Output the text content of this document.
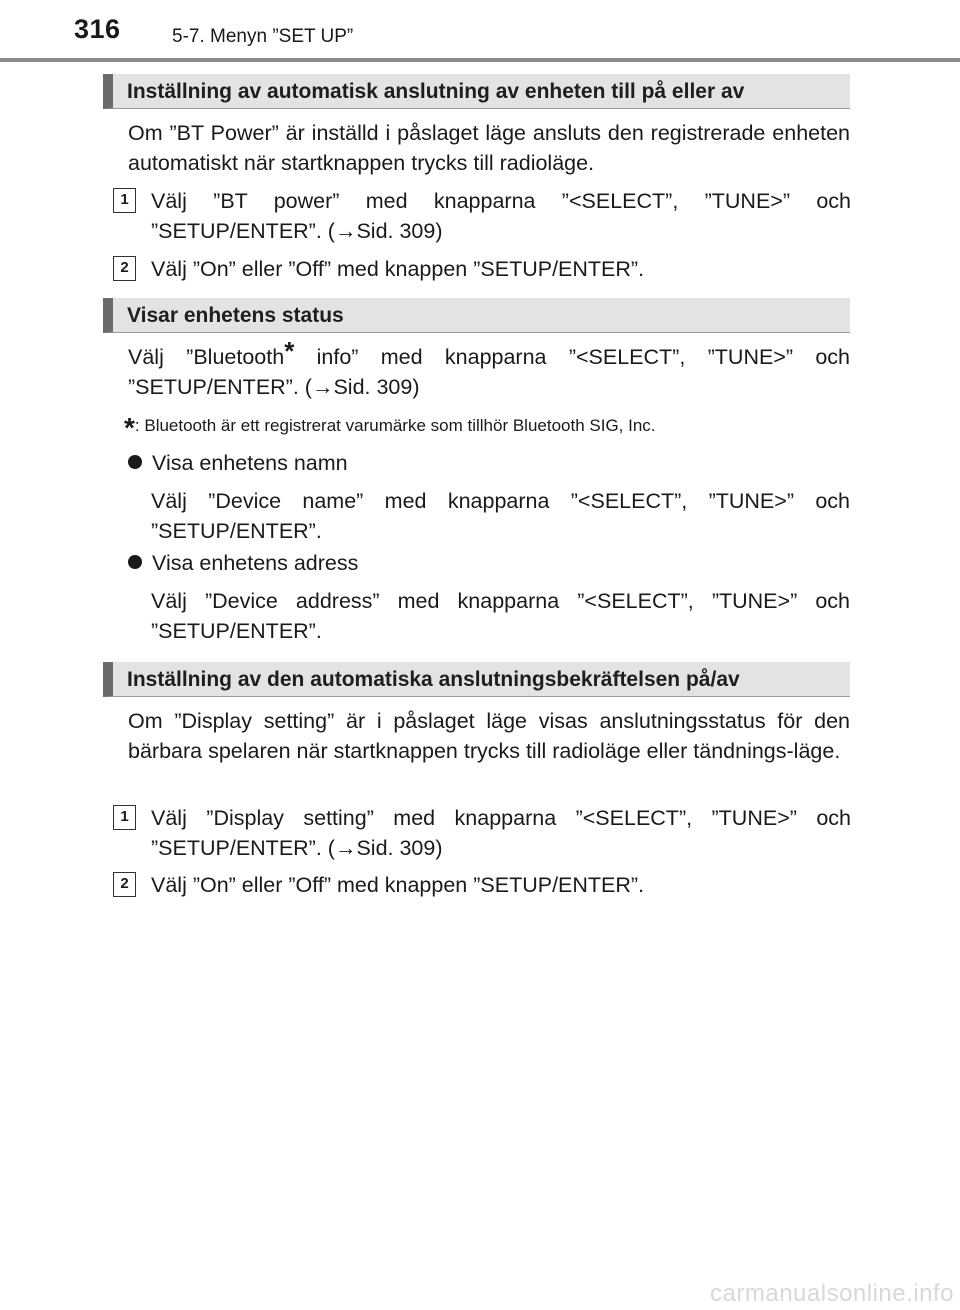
316	5-7. Menyn ”SET UP”
Inställning av automatisk anslutning av enheten till på eller av
Om ”BT Power” är inställd i påslaget läge ansluts den registrerade enheten automatiskt när startknappen trycks till radioläge.
1	Välj ”BT power” med knapparna ”<SELECT”, ”TUNE>” och ”SETUP/ENTER”. (→Sid. 309)
2	Välj ”On” eller ”Off” med knappen ”SETUP/ENTER”.
Visar enhetens status
Välj ”Bluetooth* info” med knapparna ”<SELECT”, ”TUNE>” och ”SETUP/ENTER”. (→Sid. 309)
*: Bluetooth är ett registrerat varumärke som tillhör Bluetooth SIG, Inc.
Visa enhetens namn
Välj ”Device name” med knapparna ”<SELECT”, ”TUNE>” och ”SETUP/ENTER”.
Visa enhetens adress
Välj ”Device address” med knapparna ”<SELECT”, ”TUNE>” och ”SETUP/ENTER”.
Inställning av den automatiska anslutningsbekräftelsen på/av
Om ”Display setting” är i påslaget läge visas anslutningsstatus för den bärbara spelaren när startknappen trycks till radioläge eller tändnings-läge.
1	Välj ”Display setting” med knapparna ”<SELECT”, ”TUNE>” och ”SETUP/ENTER”. (→Sid. 309)
2	Välj ”On” eller ”Off” med knappen ”SETUP/ENTER”.
carmanualsonline.info
